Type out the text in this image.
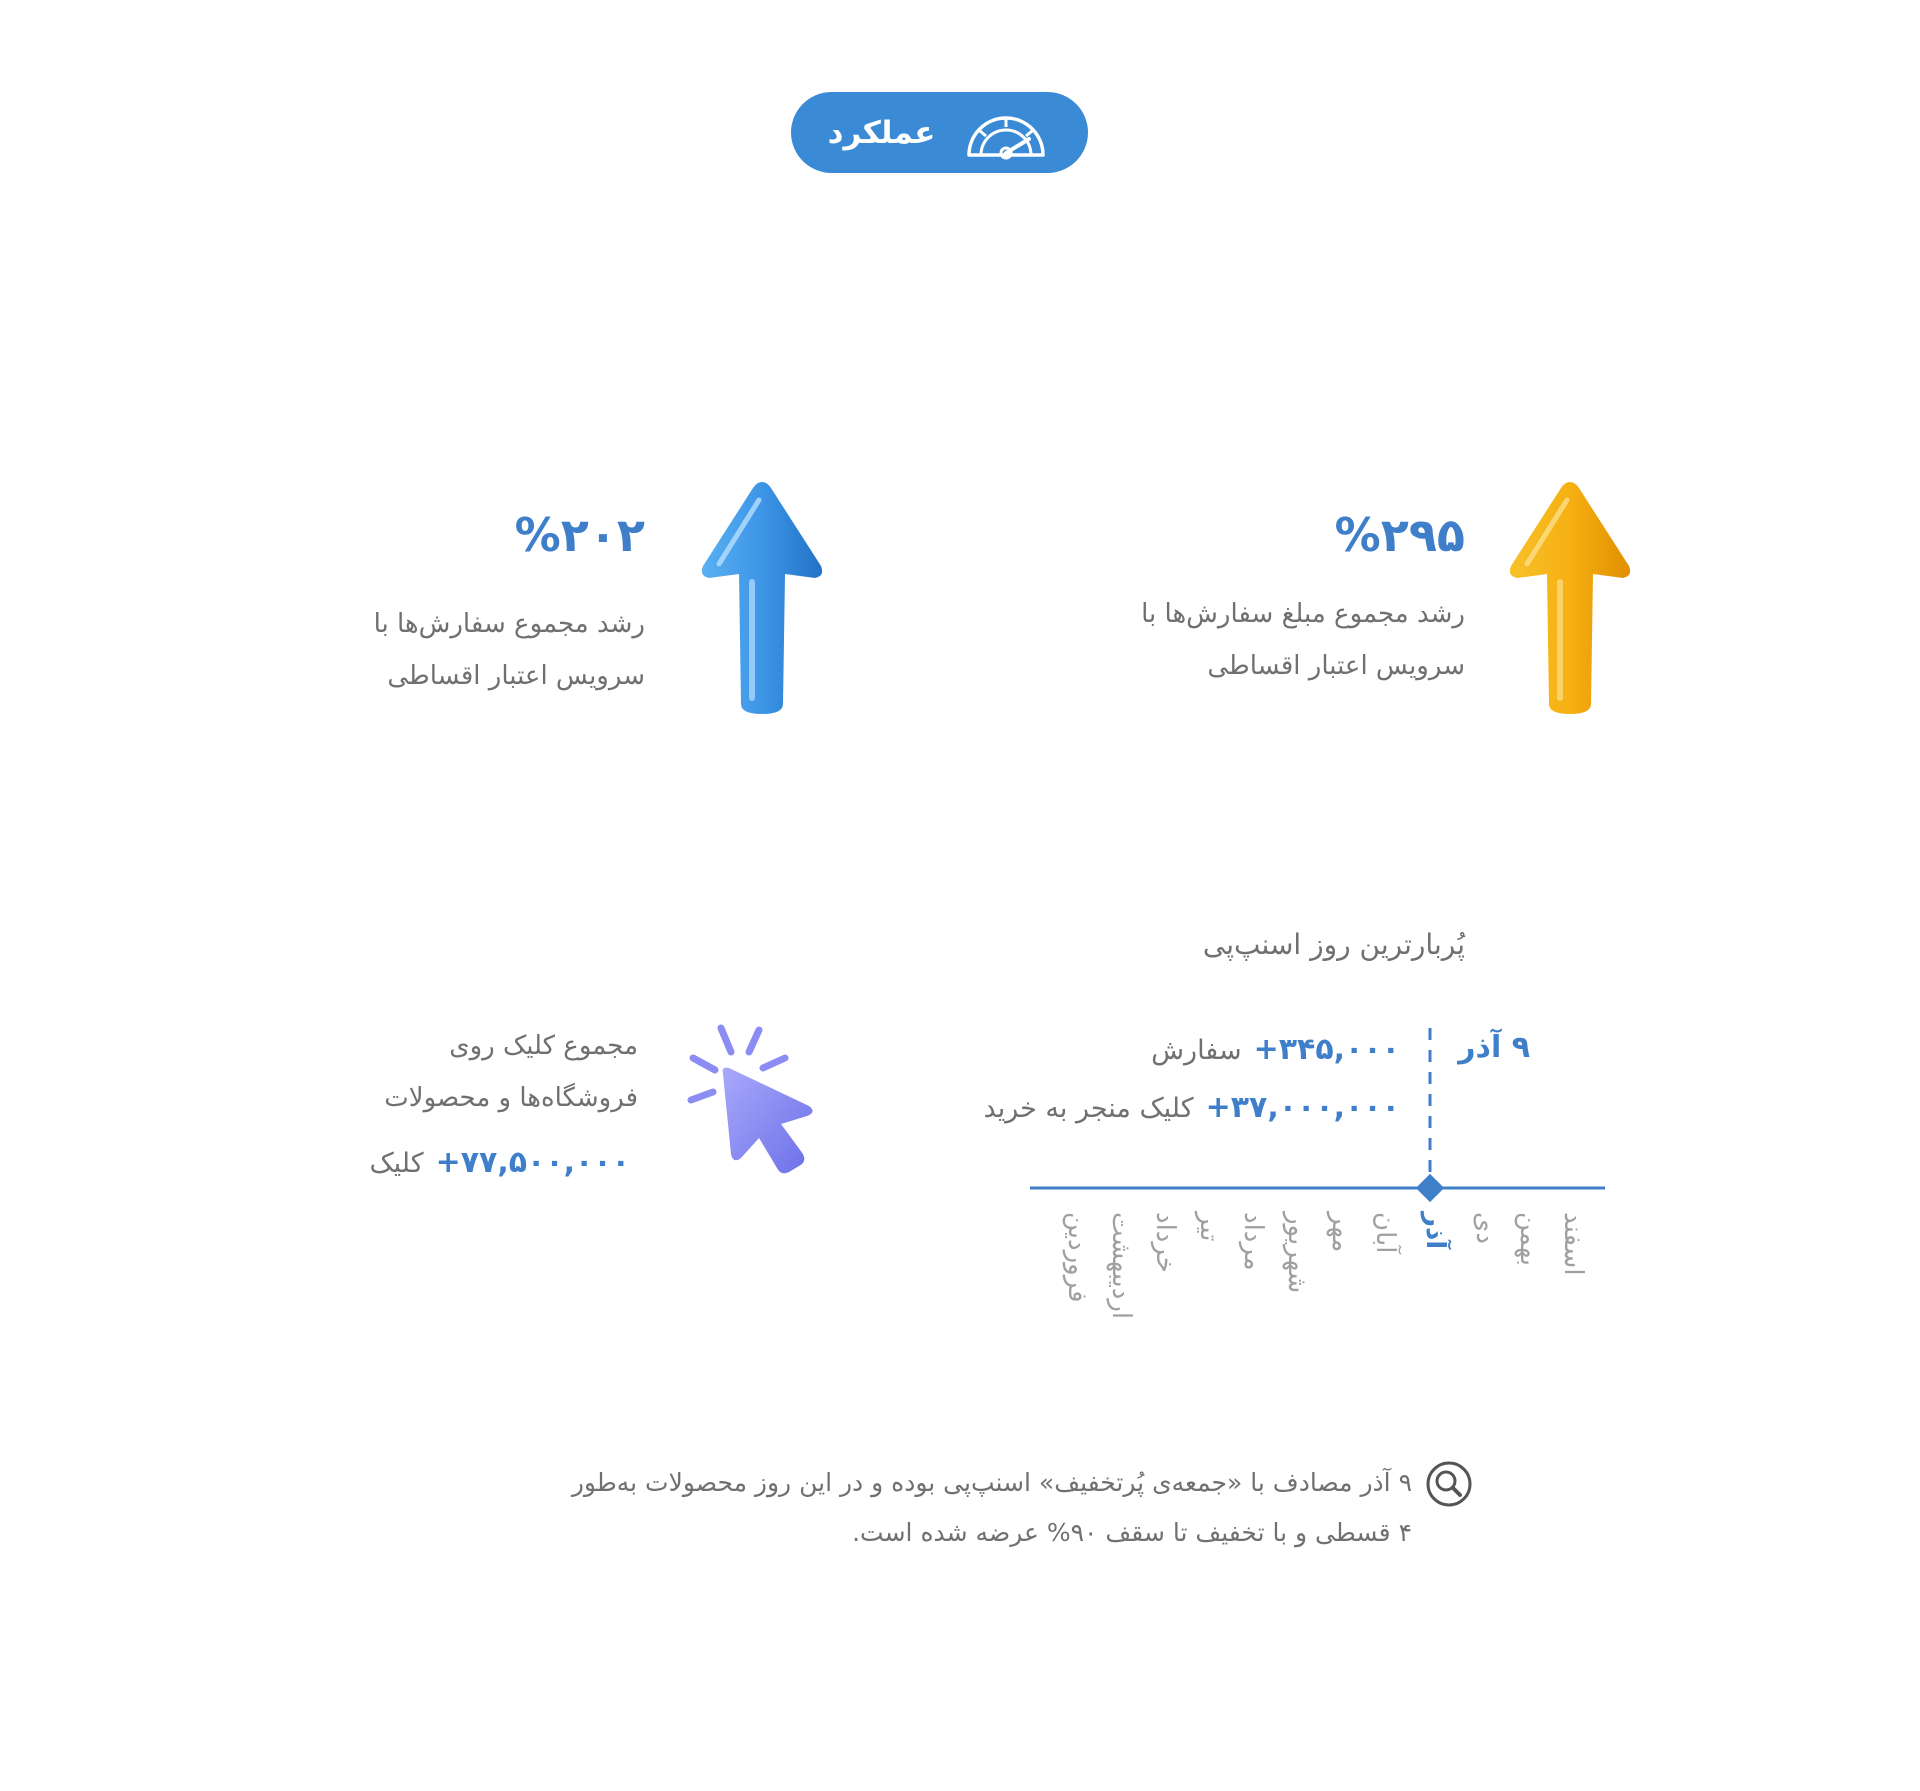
عملکرد
%۲۹۵
رشد مجموع مبلغ سفارش‌ها با
سرویس اعتبار اقساطی
%۲۰۲
رشد مجموع سفارش‌ها با
سرویس اعتبار اقساطی
پُربارترین روز اسنپ‌پی
۹ آذر
+۳۴۵,۰۰۰
سفارش
+۳۷,۰۰۰,۰۰۰
کلیک منجر به خرید
فروردین اردیبهشت خرداد تیر مرداد شهریور مهر آبان آذر دی بهمن اسفند
مجموع کلیک روی
فروشگاه‌ها و محصولات
کلیک +۷۷,۵۰۰,۰۰۰
۹ آذر مصادف با «جمعه‌ی پُرتخفیف» اسنپ‌پی بوده و در این روز محصولات به‌طور
۴ قسطی و با تخفیف تا سقف ۹۰% عرضه شده است.
